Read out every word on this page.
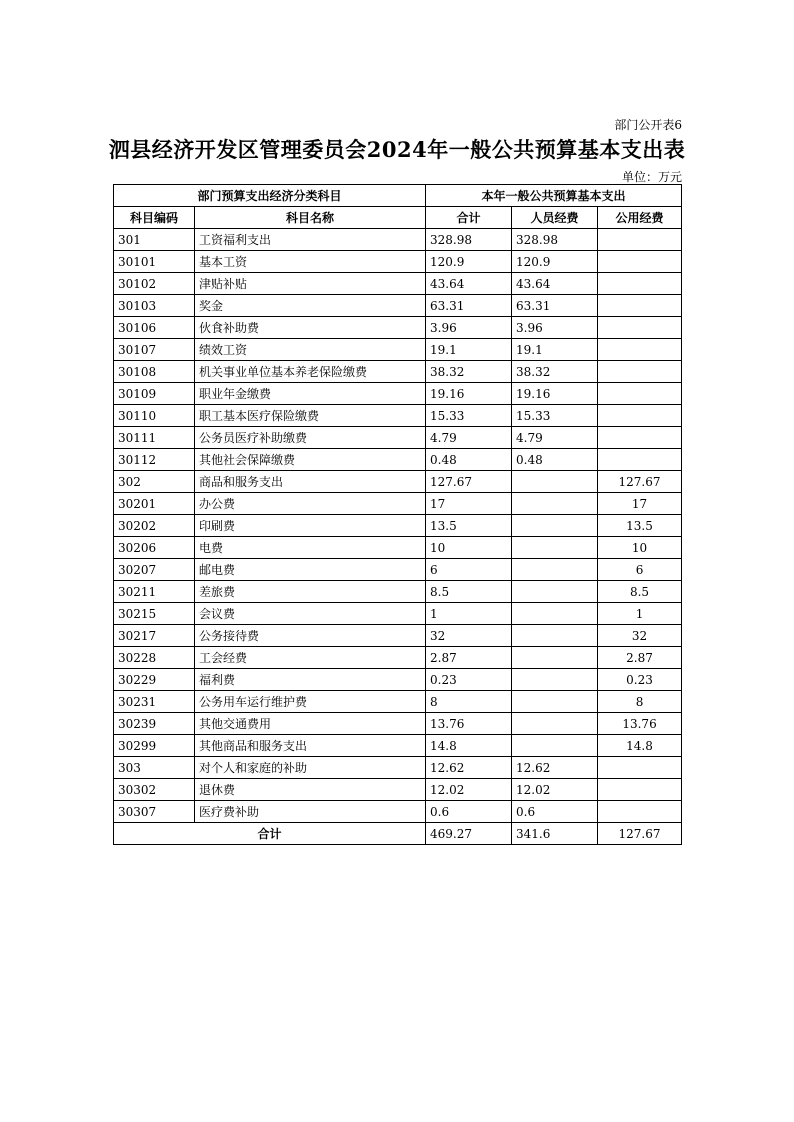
部门公开表6
泗县经济开发区管理委员会2024年一般公共预算基本支出表
单位：万元
部门预算支出经济分类科目		本年一般公共预算基本支出		
科目编码	科目名称	合计	人员经费	公用经费
301	工资福利支出	328.98	328.98	
30101	基本工资	120.9	120.9	
30102	津贴补贴	43.64	43.64	
30103	奖金	63.31	63.31	
30106	伙食补助费	3.96	3.96	
30107	绩效工资	19.1	19.1	
30108	机关事业单位基本养老保险缴费	38.32	38.32	
30109	职业年金缴费	19.16	19.16	
30110	职工基本医疗保险缴费	15.33	15.33	
30111	公务员医疗补助缴费	4.79	4.79	
30112	其他社会保障缴费	0.48	0.48	
302	商品和服务支出	127.67		127.67
30201	办公费	17		17
30202	印刷费	13.5		13.5
30206	电费	10		10
30207	邮电费	6		6
30211	差旅费	8.5		8.5
30215	会议费	1		1
30217	公务接待费	32		32
30228	工会经费	2.87		2.87
30229	福利费	0.23		0.23
30231	公务用车运行维护费	8		8
30239	其他交通费用	13.76		13.76
30299	其他商品和服务支出	14.8		14.8
303	对个人和家庭的补助	12.62	12.62	
30302	退休费	12.02	12.02	
30307	医疗费补助	0.6	0.6	
合计		469.27	341.6	127.67
